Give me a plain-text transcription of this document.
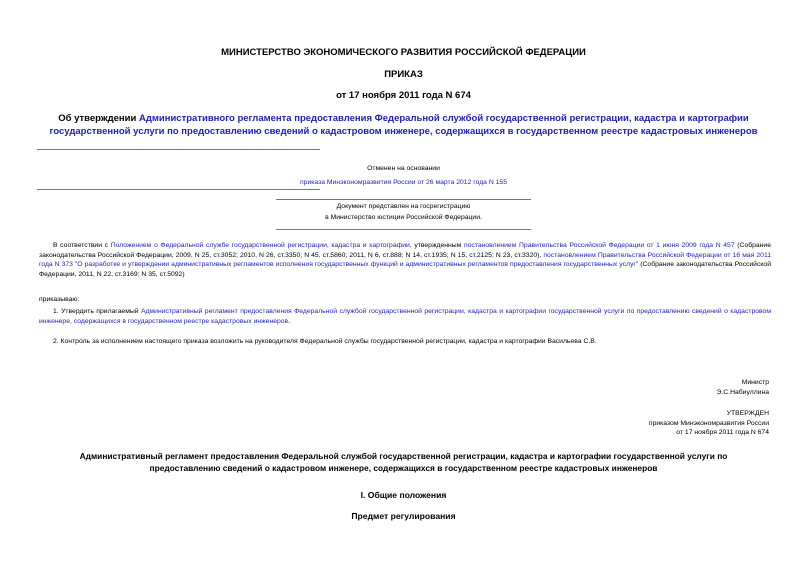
МИНИСТЕРСТВО ЭКОНОМИЧЕСКОГО РАЗВИТИЯ РОССИЙСКОЙ ФЕДЕРАЦИИ
ПРИКАЗ
от 17 ноября 2011 года N 674
Об утверждении Административного регламента предоставления Федеральной службой государственной регистрации, кадастра и картографии государственной услуги по предоставлению сведений о кадастровом инженере, содержащихся в государственном реестре кадастровых инженеров
Отменен на основании
приказа Минэкономразвития России от 26 марта 2012 года N 155
Документ представлен на госрегистрацию
в Министерство юстиции Российской Федерации.
В соответствии с Положением о Федеральной службе государственной регистрации, кадастра и картографии, утвержденным постановлением Правительства Российской Федерации от 1 июня 2009 года N 457 (Собрание законодательства Российской Федерации, 2009, N 25, ст.3052; 2010, N 26, ст.3350; N 45, ст.5860; 2011, N 6, ст.888; N 14, ст.1935; N 15, ст.2125; N 23, ст.3320), постановлением Правительства Российской Федерации от 16 мая 2011 года N 373 "О разработке и утверждении административных регламентов исполнения государственных функций и административных регламентов предоставления государственных услуг" (Собрание законодательства Российской Федерации, 2011, N 22, ст.3169; N 35, ст.5092)
приказываю:
1. Утвердить прилагаемый Административный регламент предоставления Федеральной службой государственной регистрации, кадастра и картографии государственной услуги по предоставлению сведений о кадастровом инженере, содержащихся в государственном реестре кадастровых инженеров.
2. Контроль за исполнением настоящего приказа возложить на руководителя Федеральной службы государственной регистрации, кадастра и картографии Васильева С.В.
Министр
Э.С.Набиуллина
УТВЕРЖДЕН
приказом Минэкономразвития России
от 17 ноября 2011 года N 674
Административный регламент предоставления Федеральной службой государственной регистрации, кадастра и картографии государственной услуги по предоставлению сведений о кадастровом инженере, содержащихся в государственном реестре кадастровых инженеров
I. Общие положения
Предмет регулирования
